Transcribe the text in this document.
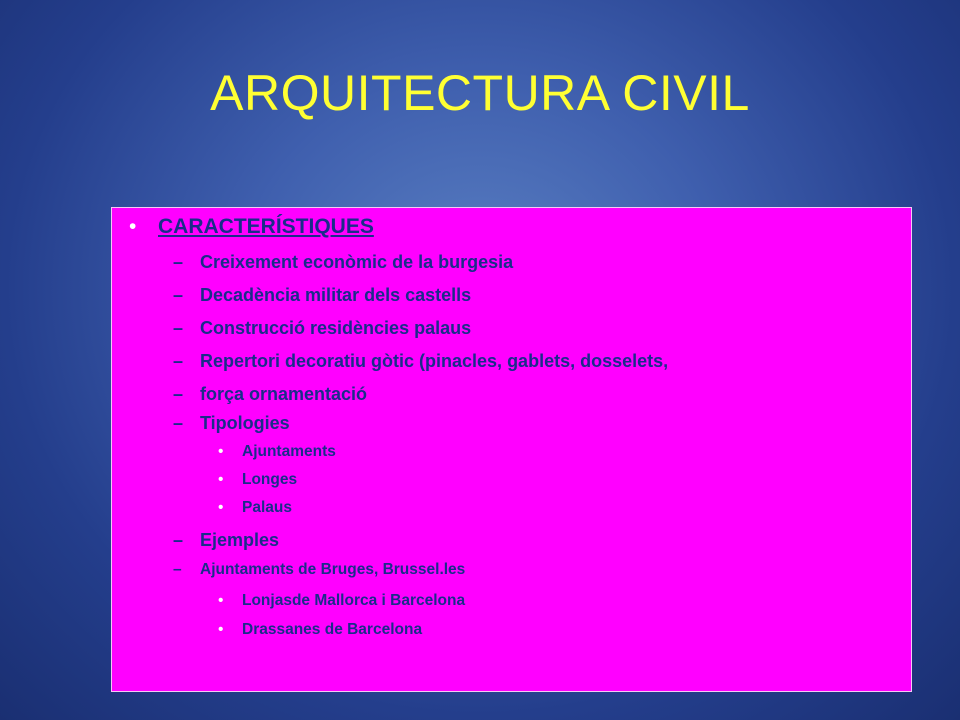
ARQUITECTURA CIVIL
• CARACTERÍSTIQUES
– Creixement econòmic de la burgesia
– Decadència militar dels castells
– Construcció residències palaus
– Repertori decoratiu gòtic (pinacles, gablets, dosselets,
– força ornamentació
– Tipologies
• Ajuntaments
• Longes
• Palaus
– Ejemples
– Ajuntaments de Bruges, Brussel.les
• Lonjasde Mallorca i Barcelona
• Drassanes de Barcelona
